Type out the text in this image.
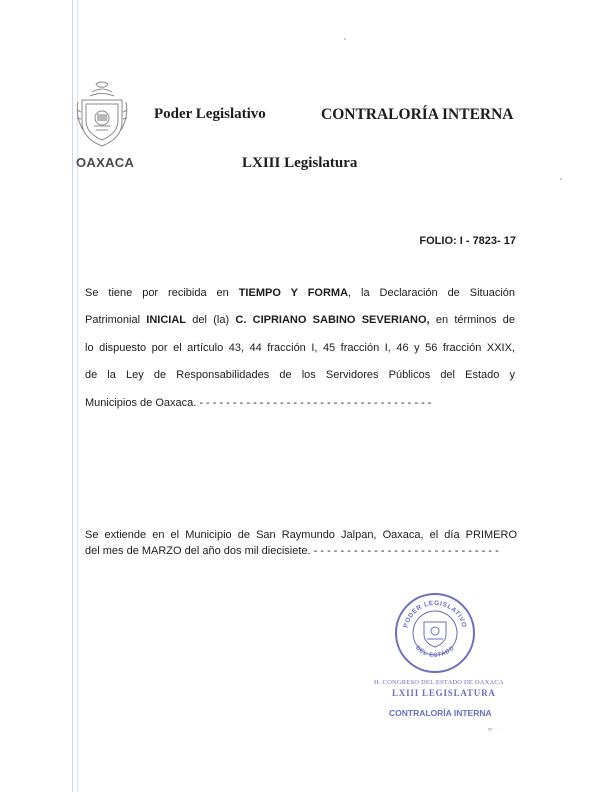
OAXACA
Poder Legislativo	CONTRALORÍA INTERNA
LXIII Legislatura
FOLIO: I - 7823- 17

Se tiene por recibida en TIEMPO Y FORMA, la Declaración de Situación

Patrimonial INICIAL del (la) C. CIPRIANO SABINO SEVERIANO, en términos de

lo dispuesto por el artículo 43, 44 fracción I, 45 fracción I, 46 y 56 fracción XXIX,

de la Ley de Responsabilidades de los Servidores Públicos del Estado y

Municipios de Oaxaca. - - - - - - - - - - - - - - - - - - - - - - - - - - - - - - - - - - -

Se extiende en el Municipio de San Raymundo Jalpan, Oaxaca, el día PRIMERO

del mes de MARZO del año dos mil diecisiete. - - - - - - - - - - - - - - - - - - - - - - - - - - - -

PODER LEGISLATIVO
DEL ESTADO
H. CONGRESO DEL ESTADO DE OAXACA
LXIII LEGISLATURA
CONTRALORÍA INTERNA
Nº ·· · ·
